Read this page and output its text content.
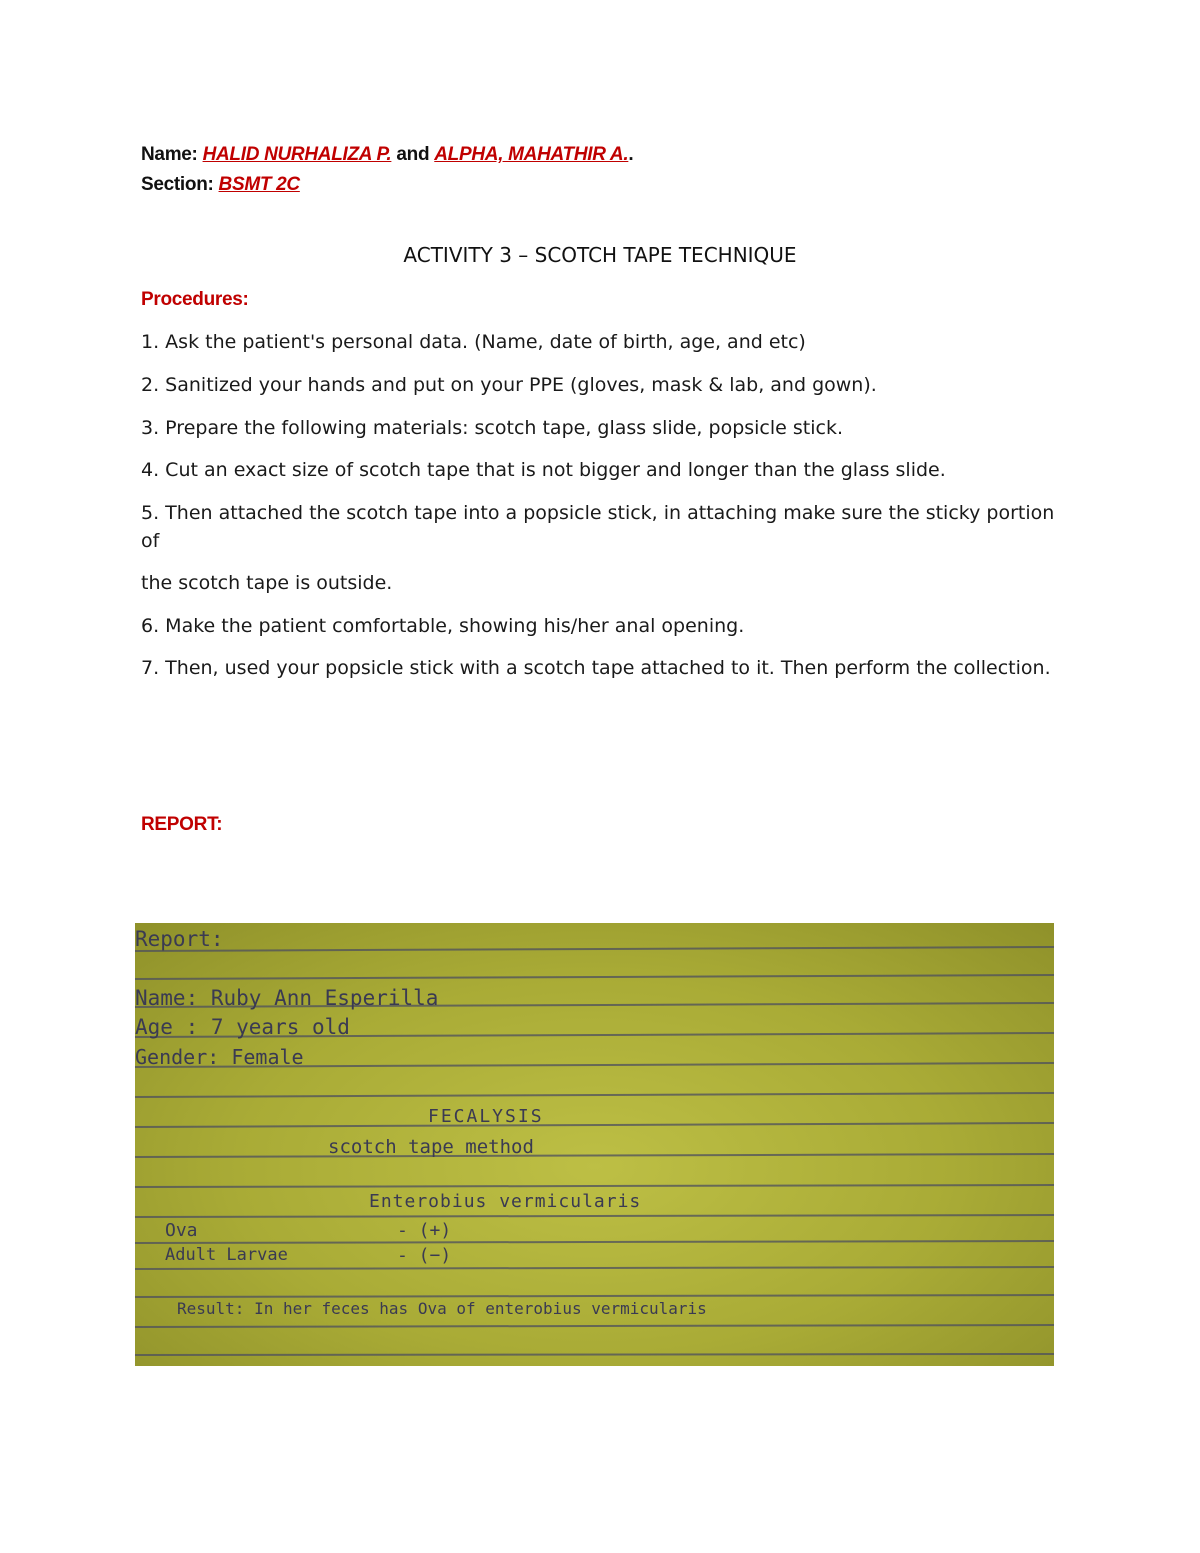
Name: HALID NURHALIZA P. and ALPHA, MAHATHIR A..
Section: BSMT 2C
ACTIVITY 3 – SCOTCH TAPE TECHNIQUE
Procedures:
1. Ask the patient's personal data. (Name, date of birth, age, and etc)
2. Sanitized your hands and put on your PPE (gloves, mask & lab, and gown).
3. Prepare the following materials: scotch tape, glass slide, popsicle stick.
4. Cut an exact size of scotch tape that is not bigger and longer than the glass slide.
5. Then attached the scotch tape into a popsicle stick, in attaching make sure the sticky portion of
the scotch tape is outside.
6. Make the patient comfortable, showing his/her anal opening.
7. Then, used your popsicle stick with a scotch tape attached to it. Then perform the collection.
REPORT:
Report:
Name: Ruby Ann Esperilla
Age : 7 years old
Gender: Female
FECALYSIS
scotch tape method
Enterobius vermicularis
Ova	- (+)
Adult Larvae	- (−)
Result: In her feces has Ova of enterobius vermicularis
